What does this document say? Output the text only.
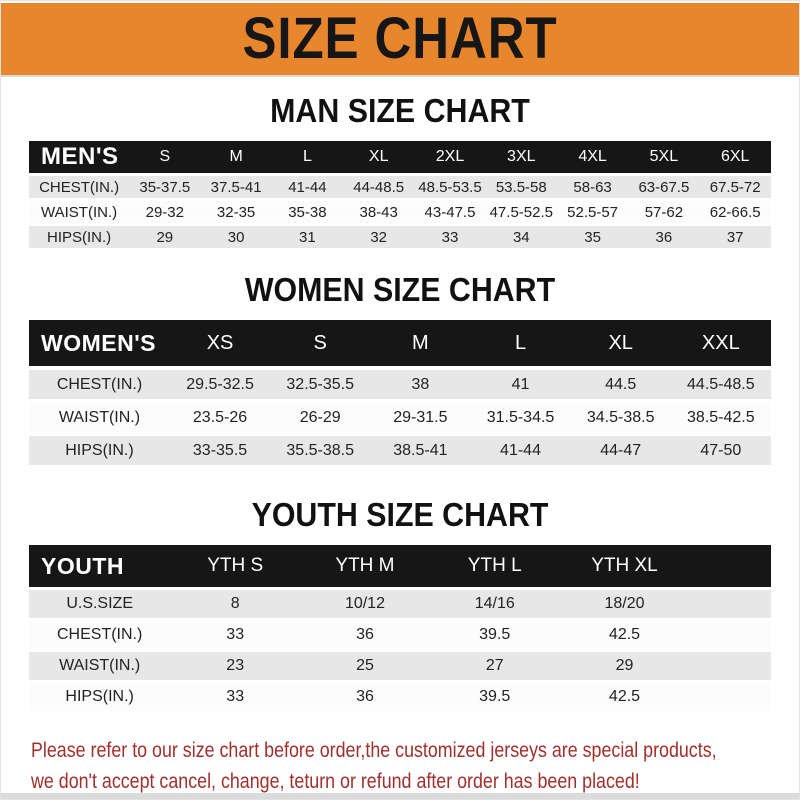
SIZE CHART
MAN SIZE CHART
MEN'S	S	M	L	XL	2XL	3XL	4XL	5XL	6XL
CHEST(IN.)	35-37.5	37.5-41	41-44	44-48.5 48.5-53.5 53.5-58	58-63	63-67.5	67.5-72
WAIST(IN.)	29-32	32-35	35-38	38-43	43-47.5 47.5-52.5 52.5-57	57-62	62-66.5
HIPS(IN.)	29	30	31	32	33	34	35	36	37
WOMEN SIZE CHART
WOMEN'S	XS	S	M	L	XL	XXL
CHEST(IN.)	29.5-32.5	32.5-35.5	38	41	44.5	44.5-48.5
WAIST(IN.)	23.5-26	26-29	29-31.5	31.5-34.5	34.5-38.5	38.5-42.5
HIPS(IN.)	33-35.5	35.5-38.5	38.5-41	41-44	44-47	47-50
YOUTH SIZE CHART
YOUTH	YTH S	YTH M	YTH L	YTH XL
U.S.SIZE	8	10/12	14/16	18/20
CHEST(IN.)	33	36	39.5	42.5
WAIST(IN.)	23	25	27	29
HIPS(IN.)	33	36	39.5	42.5

Please refer to our size chart before order,the customized jerseys are special products,

we don't accept cancel, change, teturn or refund after order has been placed!
